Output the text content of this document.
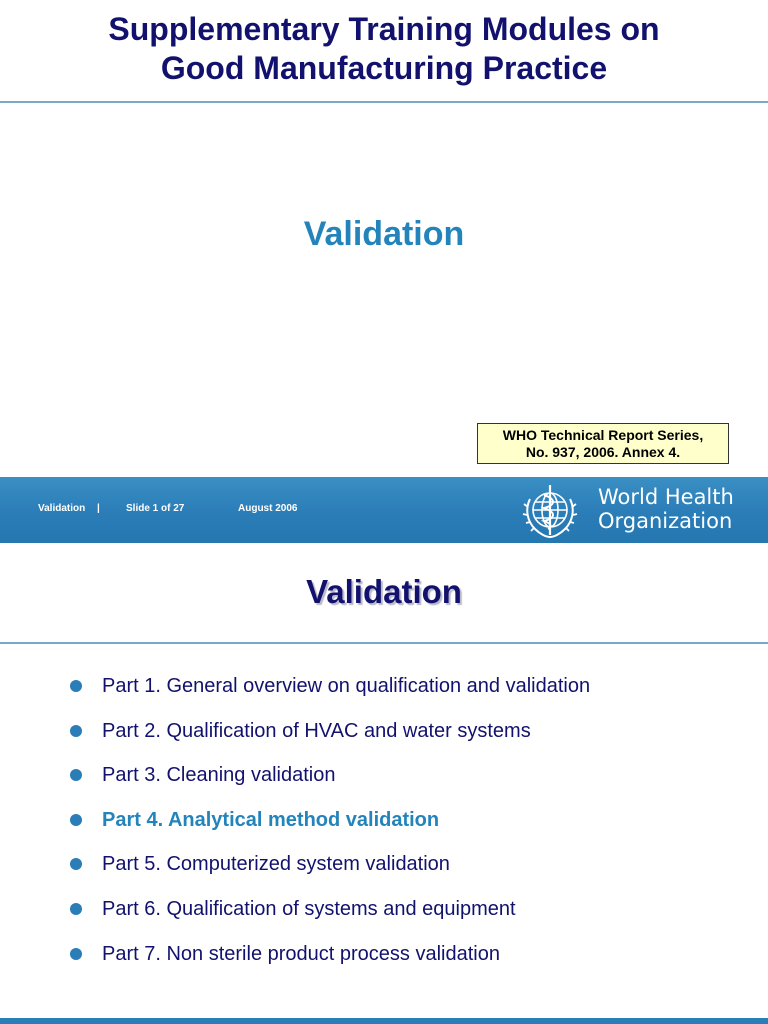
Supplementary Training Modules on
Good Manufacturing Practice
Validation
WHO Technical Report Series,
No. 937, 2006. Annex 4.
Validation |	Slide 1 of 27	August 2006	World Health
Organization
Validation
Part 1. General overview on qualification and validation
Part 2. Qualification of HVAC and water systems
Part 3. Cleaning validation
Part 4. Analytical method validation
Part 5. Computerized system validation
Part 6. Qualification of systems and equipment
Part 7. Non sterile product process validation
